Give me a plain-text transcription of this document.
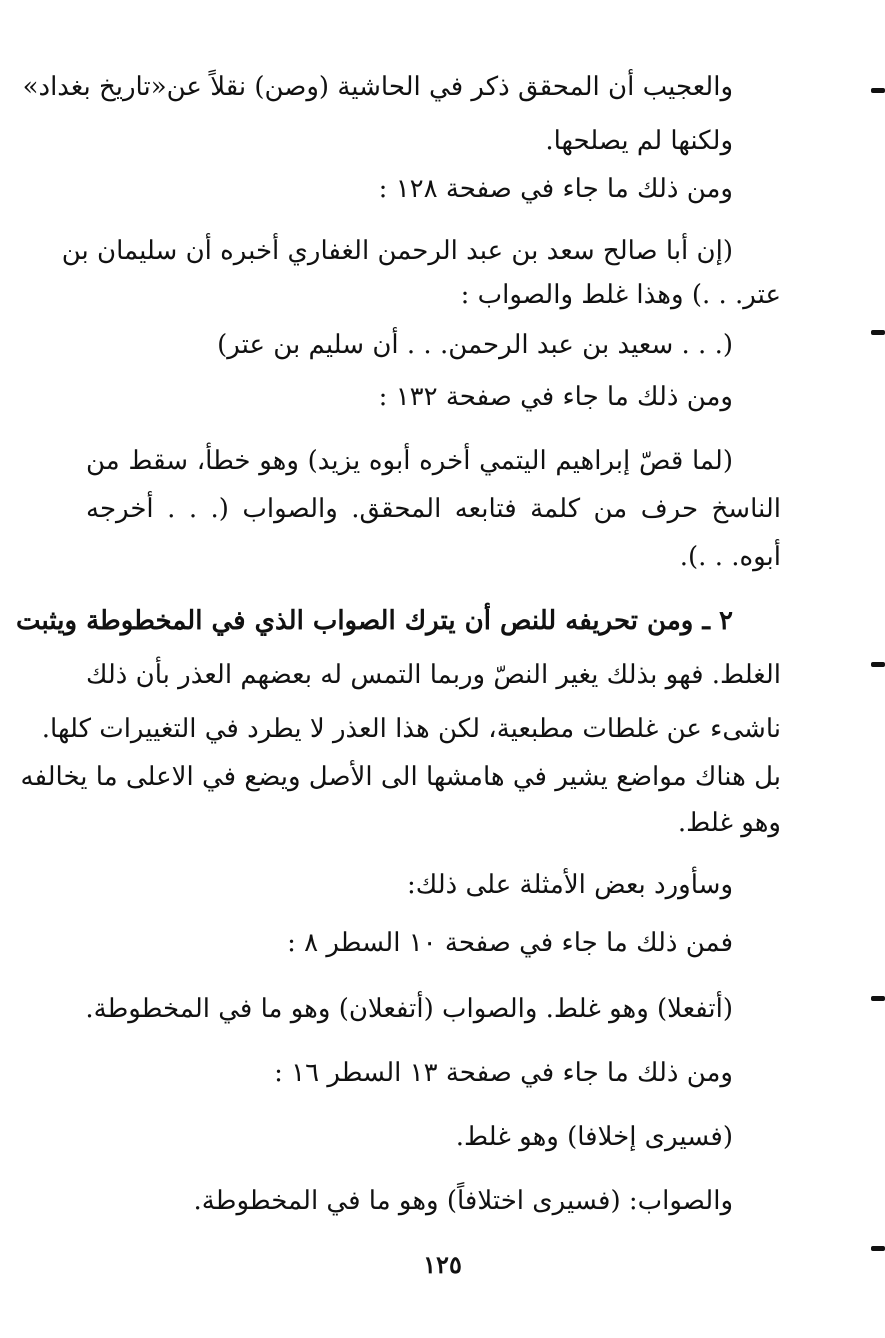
والعجيب أن المحقق ذكر في الحاشية (وصن) نقلاً عن«تاريخ بغداد»
ولكنها لم يصلحها.
ومن ذلك ما جاء في صفحة ١٢٨ :
(إن أبا صالح سعد بن عبد الرحمن الغفاري أخبره أن سليمان بن
عتر. . .) وهذا غلط والصواب :
(. . . سعيد بن عبد الرحمن. . . أن سليم بن عتر)
ومن ذلك ما جاء في صفحة ١٣٢ :
(لما قصّ إبراهيم اليتمي أخره أبوه يزيد) وهو خطأ، سقط من
الناسخ حرف من كلمة فتابعه المحقق. والصواب (. . . أخرجه
أبوه. . .).
٢ ـ ومن تحريفه للنص أن يترك الصواب الذي في المخطوطة ويثبت
الغلط. فهو بذلك يغير النصّ وربما التمس له بعضهم العذر بأن ذلك
ناشىء عن غلطات مطبعية، لكن هذا العذر لا يطرد في التغييرات كلها.
بل هناك مواضع يشير في هامشها الى الأصل ويضع في الاعلى ما يخالفه
وهو غلط.
وسأورد بعض الأمثلة على ذلك:
فمن ذلك ما جاء في صفحة ١٠ السطر ٨ :
(أتفعلا) وهو غلط. والصواب (أتفعلان) وهو ما في المخطوطة.
ومن ذلك ما جاء في صفحة ١٣ السطر ١٦ :
(فسيرى إخلافا) وهو غلط.
والصواب: (فسيرى اختلافاً) وهو ما في المخطوطة.
١٢٥
